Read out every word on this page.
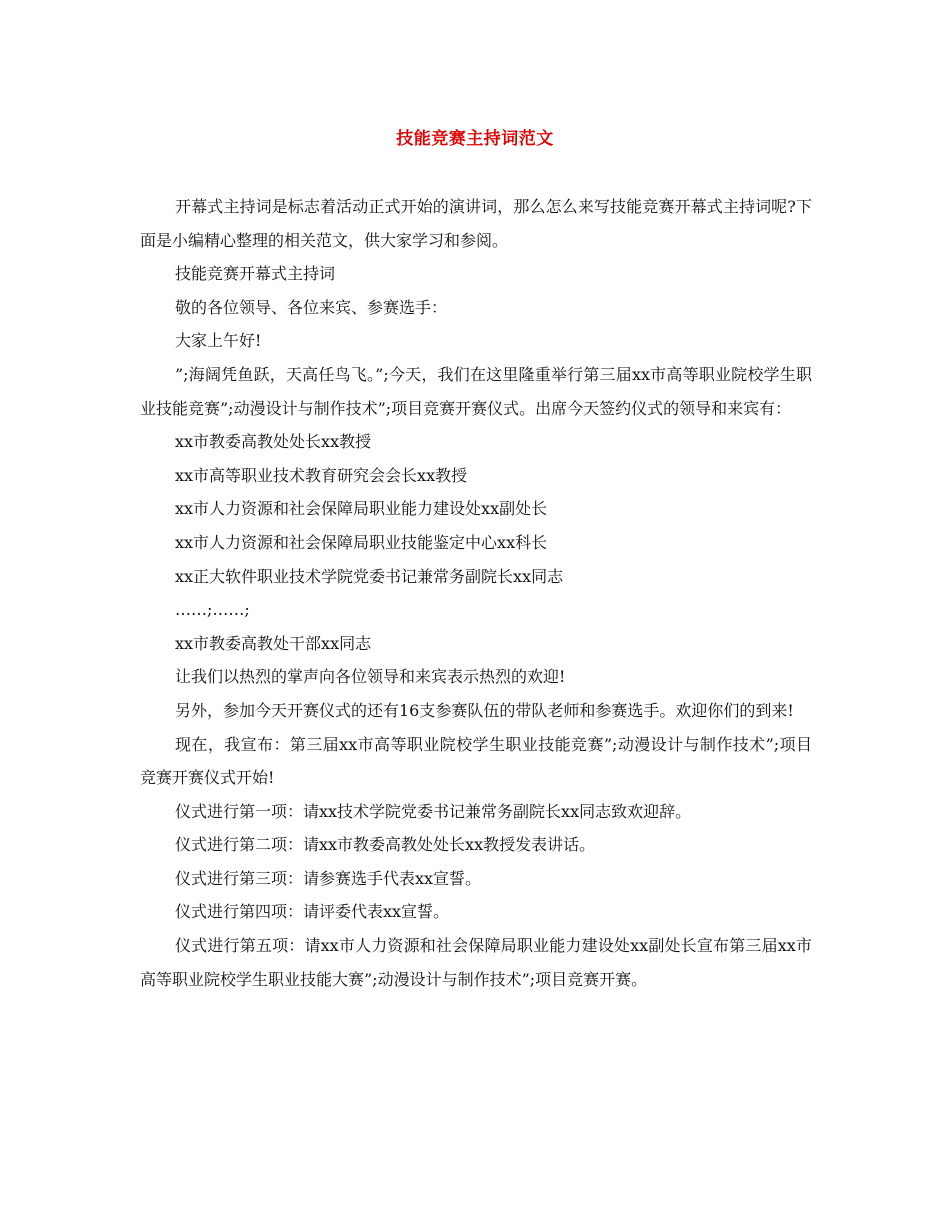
技能竞赛主持词范文

开幕式主持词是标志着活动正式开始的演讲词，那么怎么来写技能竞赛开幕式主持词呢?下面是小编精心整理的相关范文，供大家学习和参阅。

技能竞赛开幕式主持词

敬的各位领导、各位来宾、参赛选手：

大家上午好!

”;海阔凭鱼跃，天高任鸟飞。”;今天，我们在这里隆重举行第三届xx市高等职业院校学生职业技能竞赛”;动漫设计与制作技术”;项目竞赛开赛仪式。出席今天签约仪式的领导和来宾有：

xx市教委高教处处长xx教授

xx市高等职业技术教育研究会会长xx教授

xx市人力资源和社会保障局职业能力建设处xx副处长

xx市人力资源和社会保障局职业技能鉴定中心xx科长

xx正大软件职业技术学院党委书记兼常务副院长xx同志

……;……;

xx市教委高教处干部xx同志

让我们以热烈的掌声向各位领导和来宾表示热烈的欢迎!

另外，参加今天开赛仪式的还有16支参赛队伍的带队老师和参赛选手。欢迎你们的到来!

现在，我宣布：第三届xx市高等职业院校学生职业技能竞赛”;动漫设计与制作技术”;项目竞赛开赛仪式开始!

仪式进行第一项：请xx技术学院党委书记兼常务副院长xx同志致欢迎辞。

仪式进行第二项：请xx市教委高教处处长xx教授发表讲话。

仪式进行第三项：请参赛选手代表xx宣誓。

仪式进行第四项：请评委代表xx宣誓。

仪式进行第五项：请xx市人力资源和社会保障局职业能力建设处xx副处长宣布第三届xx市高等职业院校学生职业技能大赛”;动漫设计与制作技术”;项目竞赛开赛。
